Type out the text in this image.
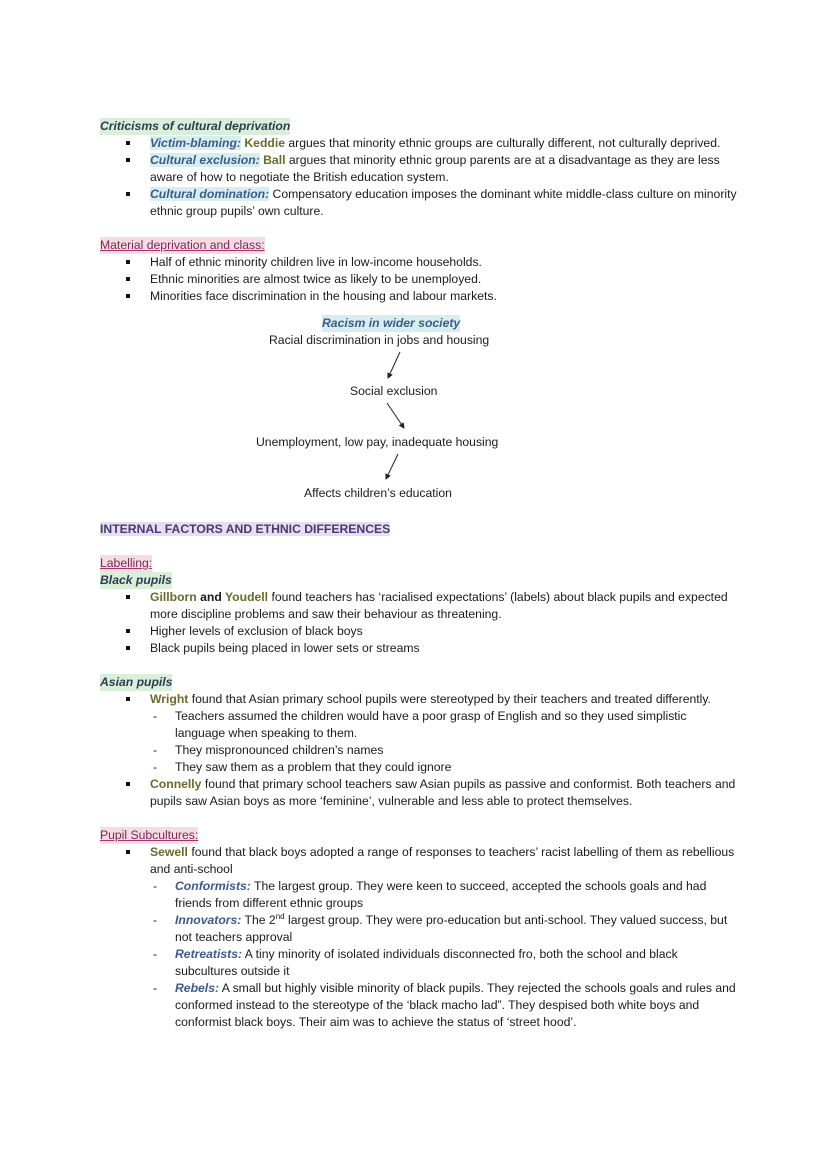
Criticisms of cultural deprivation
Victim-blaming: Keddie argues that minority ethnic groups are culturally different, not culturally deprived.
Cultural exclusion: Ball argues that minority ethnic group parents are at a disadvantage as they are less aware of how to negotiate the British education system.
Cultural domination: Compensatory education imposes the dominant white middle-class culture on minority ethnic group pupils’ own culture.
Material deprivation and class:
Half of ethnic minority children live in low-income households.
Ethnic minorities are almost twice as likely to be unemployed.
Minorities face discrimination in the housing and labour markets.
Racism in wider society
Racial discrimination in jobs and housing
Social exclusion
Unemployment, low pay, inadequate housing
Affects children’s education
INTERNAL FACTORS AND ETHNIC DIFFERENCES
Labelling:
Black pupils
Gillborn and Youdell found teachers has ‘racialised expectations’ (labels) about black pupils and expected more discipline problems and saw their behaviour as threatening.
Higher levels of exclusion of black boys
Black pupils being placed in lower sets or streams
Asian pupils
Wright found that Asian primary school pupils were stereotyped by their teachers and treated differently.
- Teachers assumed the children would have a poor grasp of English and so they used simplistic language when speaking to them.
- They mispronounced children’s names
- They saw them as a problem that they could ignore
Connelly found that primary school teachers saw Asian pupils as passive and conformist. Both teachers and pupils saw Asian boys as more ‘feminine’, vulnerable and less able to protect themselves.
Pupil Subcultures:
Sewell found that black boys adopted a range of responses to teachers’ racist labelling of them as rebellious and anti-school
- Conformists: The largest group. They were keen to succeed, accepted the schools goals and had friends from different ethnic groups
- Innovators: The 2nd largest group. They were pro-education but anti-school. They valued success, but not teachers approval
- Retreatists: A tiny minority of isolated individuals disconnected fro, both the school and black subcultures outside it
- Rebels: A small but highly visible minority of black pupils. They rejected the schools goals and rules and conformed instead to the stereotype of the ‘black macho lad”. They despised both white boys and conformist black boys. Their aim was to achieve the status of ‘street hood’.
